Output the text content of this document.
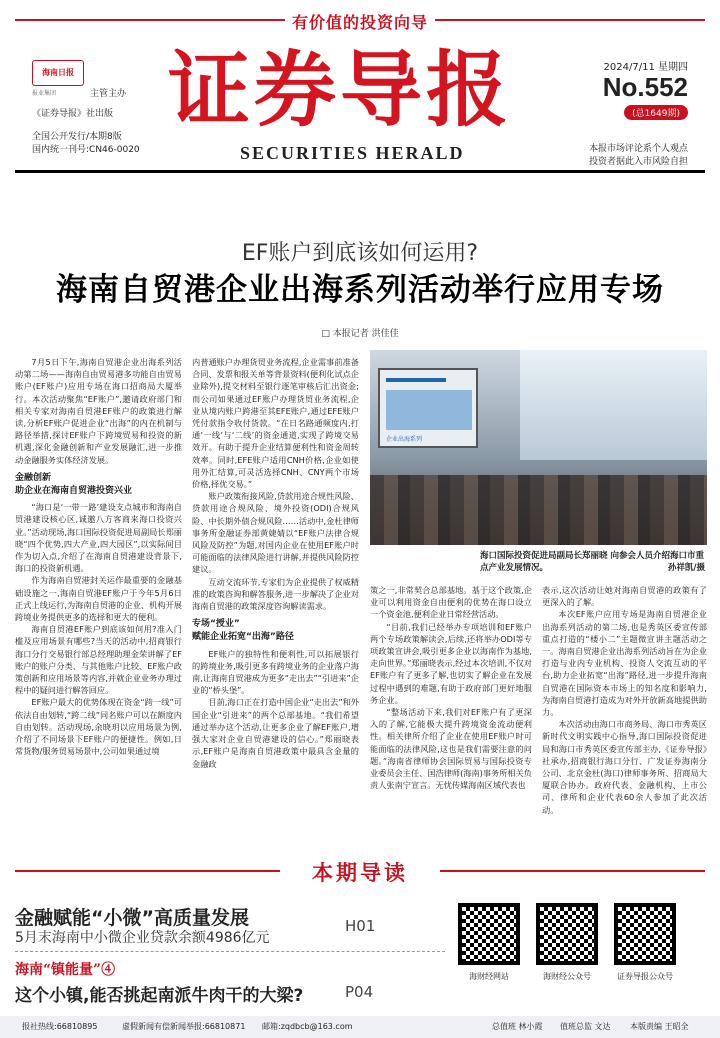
有价值的投资向导
海南日报
报业集团	主管主办
《证券导报》社出版
全国公开发行/本期8版
国内统一刊号:CN46-0020
证券导报
SECURITIES HERALD
2024/7/11 星期四
No.552
(总1649期)
本报市场评论系个人观点
投资者据此入市风险自担
EF账户到底该如何运用?
海南自贸港企业出海系列活动举行应用专场
□ 本报记者 洪佳佳

7月5日下午,海南自贸港企业出海系列活动第二场——海南自由贸易港多功能自由贸易账户(EF账户)应用专场在海口招商局大厦举行。本次活动聚焦“EF账户”,邀请政府部门和相关专家对海南自贸港EF账户的政策进行解读,分析EF账户促进企业“出海”的内在机制与路径举措,探讨EF账户下跨境贸易和投资的新机遇,深化金融创新和产业发展融汇,进一步推动金融服务实体经济发展。

金融创新
助企业在海南自贸港投资兴业

“海口是‘一带一路’建设支点城市和海南自贸港建设核心区,诚邀八方客商来海口投资兴业。”活动现场,海口国际投资促进局副局长郑丽晓“四个优势,四大产业,四大园区”,以实际间目作为切入点,介绍了在海南自贸港建设背景下,海口的投资新机遇。

作为海南自贸港封关运作最重要的金融基础设施之一,海南自贸港EF账户于今年5月6日正式上线运行,为海南自贸港的企业、机构开展跨境业务提供更多的选择和更大的便利。

海南自贸港EF账户到底该如何用?准入门槛及应用场景有哪些?当天的活动中,招商银行海口分行交易银行部总经理助理金荣讲解了EF账户的账户分类、与其他账户比较、EF账户政策创新和应用场景等内容,并就企业业务办理过程中的疑问进行解答回应。

EF账户最大的优势体现在资金“跨一线”可依法自由划转,“跨二线”同名账户可以在额度内自由划转。活动现场,余晓玥以应用场景为例,介绍了不同场景下EF账户的便捷性。例如,日常货物/服务贸易场景中,公司如果通过境

内普通账户办理货贸业务流程,企业需事前准备合同、发票和报关单等背景资料(便利化试点企业除外),提交材料至银行逐笔审核后汇出资金;而公司如果通过EF账户办理货贸业务流程,企业从境内账户跨港至其EFE账户,通过EFE账户凭付款指令收付货款。“在日名路通频度内,打通‘一线’与‘二线’的资金通道,实现了跨境交易效开。有助于提升企业结算便利性和资金周转效率。同时,EFE账户适用CNH价格,企业如使用外汇结算,可灵活选择CNH、CNY两个市场价格,择优交易。”

账户政策衔接风险,贷款用途合规性风险、贷款用途合规风险、境外投资(ODI)合规风险、中长期外债合规风险……活动中,金杜律师事务所金融证券部黄婕婧以“EF账户法律合规风险及防控”为题,对国内企业在使用EF账户时可能面临的法律风险进行讲解,并提供风险防控建议。

互动交流环节,专家们为企业提供了权威精准的政策咨询和解答服务,进一步解决了企业对海南自贸港的政策深度咨询解读需求。

专场“授业”
赋能企业拓宽“出海”路径

EF账户的独特性和便利性,可以拓展银行的跨境业务,吸引更多有跨境业务的企业落户海南,让海南自贸港成为更多“走出去”“引进来”企业的“桥头堡”。

目前,海口正在打造中国企业“走出去”和外国企业“引进来”的两个总部基地。“我们希望通过举办这个活动,让更多企业了解EF账户,增强大家对企业自贸港建设的信心。”郑丽晓表示,EF账户是海南自贸港政策中最具含金量的金融政

企业出海系列
海口国际投资促进局副局长郑丽晓 向参会人员介绍海口市重点产业发展情况。	孙祥凯/摄

策之一,非常契合总部基地。基于这个政策,企业可以利用资金自由便利的优势在海口设立一个资金池,便利企业日常经营活动。

“目前,我们已经举办专项培训和EF账户两个专场政策解读会,后续,还将举办ODI等专项政策宣讲会,吸引更多企业以海南作为基地,走向世界。”郑丽晓表示,经过本次培训,不仅对EF账户有了更多了解,也切实了解企业在发展过程中遇到的难题,有助于政府部门更好地服务企业。

“整场活动下来,我们对EF账户有了更深入的了解,它能极大提升跨境资金流动便利性。相关律所介绍了企业在使用EF账户时可能面临的法律风险,这也是我们需要注意的问题。”海南省律师协会国际贸易与国际投资专业委员会主任、国浩律师(海南)事务所相关负责人张南宁宣言。无忧传媒海南区域代表也

表示,这次活动让她对海南自贸港的政策有了更深入的了解。

本次EF账户应用专场是海南自贸港企业出海系列活动的第二场,也是秀英区委宣传部重点打造的“楼小二”主题微宣讲主题活动之一。海南自贸港企业出海系列活动旨在为企业打造与业内专业机构、投资人交流互动的平台,助力企业拓宽“出海”路径,进一步提升海南自贸港在国际资本市场上的知名度和影响力,为海南自贸港打造成为对外开放新高地提供助力。

本次活动由海口市商务局、海口市秀英区新时代文明实践中心指导,海口国际投资促进局和海口市秀英区委宣传部主办,《证券导报》社承办,招商银行海口分行、广发证券海南分公司、北京金杜(海口)律师事务所、招商局大厦联合协办。政府代表、金融机构、上市公司、律所和企业代表60余人参加了此次活动。

本期导读
金融赋能“小微”高质量发展
5月末海南中小微企业贷款余额4986亿元
H01
海南“镇能量”④
这个小镇,能否挑起南派牛肉干的大梁?	P04
海财经网站	海财经公众号	证券导报公众号
报社热线:66810895	虚假新闻有偿新闻举报:66810871 邮箱:zqdbcb@163.com	总值班 林小霞 值班总监 文达 本版责编 王昭全
